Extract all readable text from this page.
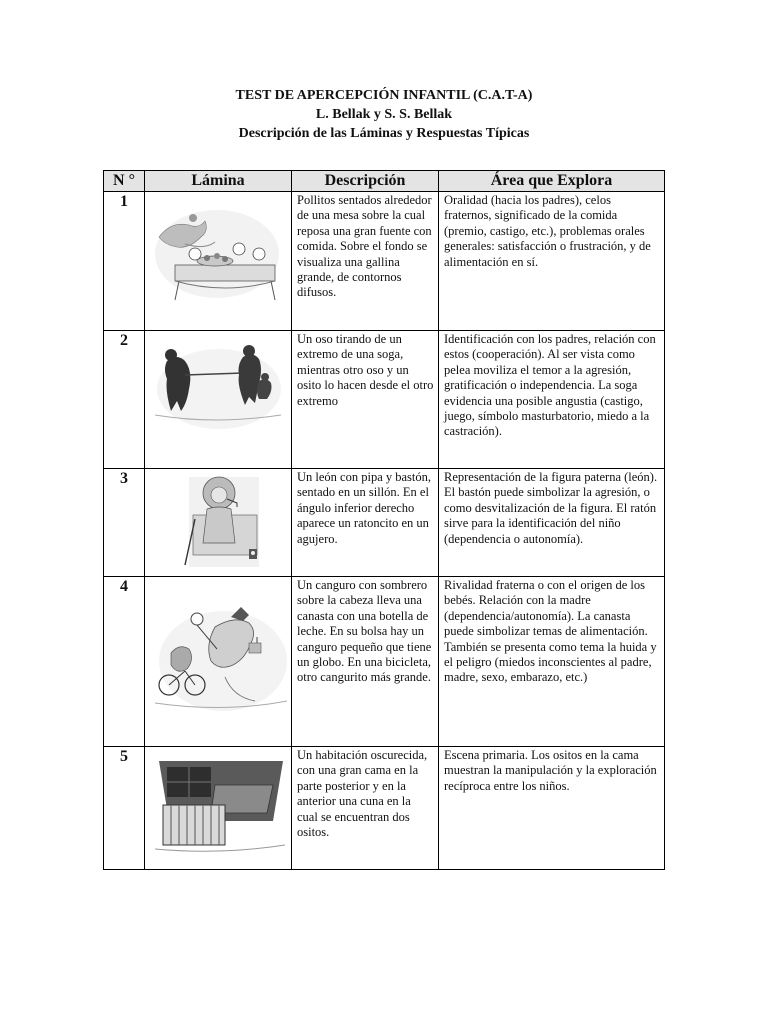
TEST DE APERCEPCIÓN INFANTIL (C.A.T-A)
L. Bellak y S. S. Bellak
Descripción de las Láminas y Respuestas Típicas
N °	Lámina	Descripción	Área que Explora
1		Pollitos sentados alrededor de una mesa sobre la cual reposa una gran fuente con comida. Sobre el fondo se visualiza una gallina grande, de contornos difusos.	Oralidad (hacia los padres), celos fraternos, significado de la comida (premio, castigo, etc.), problemas orales generales: satisfacción o frustración, y de alimentación en sí.
2		Un oso tirando de un extremo de una soga, mientras otro oso y un osito lo hacen desde el otro extremo	Identificación con los padres, relación con estos (cooperación). Al ser vista como pelea moviliza el temor a la agresión, gratificación o independencia. La soga evidencia una posible angustia (castigo, juego, símbolo masturbatorio, miedo a la castración).
3		Un león con pipa y bastón, sentado en un sillón. En el ángulo inferior derecho aparece un ratoncito en un agujero.	Representación de la figura paterna (león). El bastón puede simbolizar la agresión, o como desvitalización de la figura. El ratón sirve para la identificación del niño (dependencia o autonomía).
4		Un canguro con sombrero sobre la cabeza lleva una canasta con una botella de leche. En su bolsa hay un canguro pequeño que tiene un globo. En una bicicleta, otro cangurito más grande.	Rivalidad fraterna o con el origen de los bebés. Relación con la madre (dependencia/autonomía). La canasta puede simbolizar temas de alimentación. También se presenta como tema la huida y el peligro (miedos inconscientes al padre, madre, sexo, embarazo, etc.)
5		Un habitación oscurecida, con una gran cama en la parte posterior y en la anterior una cuna en la cual se encuentran dos ositos.	Escena primaria. Los ositos en la cama muestran la manipulación y la exploración recíproca entre los niños.
